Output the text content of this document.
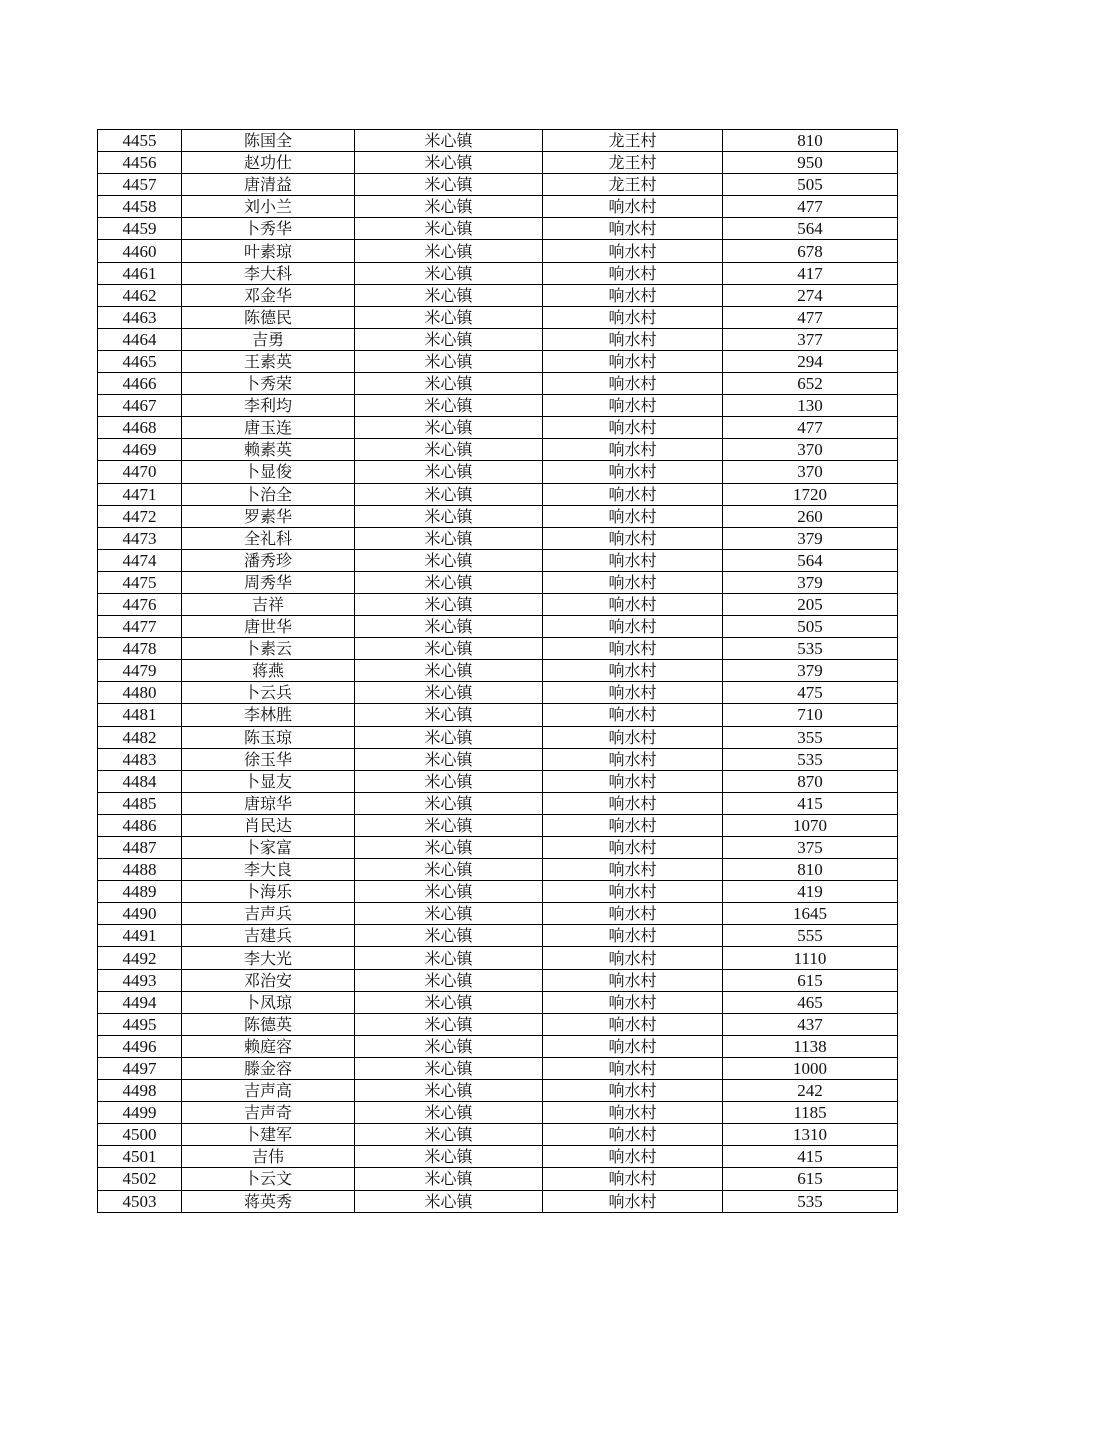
4455	陈国全	米心镇	龙王村	810
4456	赵功仕	米心镇	龙王村	950
4457	唐清益	米心镇	龙王村	505
4458	刘小兰	米心镇	响水村	477
4459	卜秀华	米心镇	响水村	564
4460	叶素琼	米心镇	响水村	678
4461	李大科	米心镇	响水村	417
4462	邓金华	米心镇	响水村	274
4463	陈德民	米心镇	响水村	477
4464	吉勇	米心镇	响水村	377
4465	王素英	米心镇	响水村	294
4466	卜秀荣	米心镇	响水村	652
4467	李利均	米心镇	响水村	130
4468	唐玉连	米心镇	响水村	477
4469	赖素英	米心镇	响水村	370
4470	卜显俊	米心镇	响水村	370
4471	卜治全	米心镇	响水村	1720
4472	罗素华	米心镇	响水村	260
4473	全礼科	米心镇	响水村	379
4474	潘秀珍	米心镇	响水村	564
4475	周秀华	米心镇	响水村	379
4476	吉祥	米心镇	响水村	205
4477	唐世华	米心镇	响水村	505
4478	卜素云	米心镇	响水村	535
4479	蒋燕	米心镇	响水村	379
4480	卜云兵	米心镇	响水村	475
4481	李林胜	米心镇	响水村	710
4482	陈玉琼	米心镇	响水村	355
4483	徐玉华	米心镇	响水村	535
4484	卜显友	米心镇	响水村	870
4485	唐琼华	米心镇	响水村	415
4486	肖民达	米心镇	响水村	1070
4487	卜家富	米心镇	响水村	375
4488	李大良	米心镇	响水村	810
4489	卜海乐	米心镇	响水村	419
4490	吉声兵	米心镇	响水村	1645
4491	吉建兵	米心镇	响水村	555
4492	李大光	米心镇	响水村	1110
4493	邓治安	米心镇	响水村	615
4494	卜凤琼	米心镇	响水村	465
4495	陈德英	米心镇	响水村	437
4496	赖庭容	米心镇	响水村	1138
4497	滕金容	米心镇	响水村	1000
4498	吉声高	米心镇	响水村	242
4499	吉声奇	米心镇	响水村	1185
4500	卜建军	米心镇	响水村	1310
4501	吉伟	米心镇	响水村	415
4502	卜云文	米心镇	响水村	615
4503	蒋英秀	米心镇	响水村	535
